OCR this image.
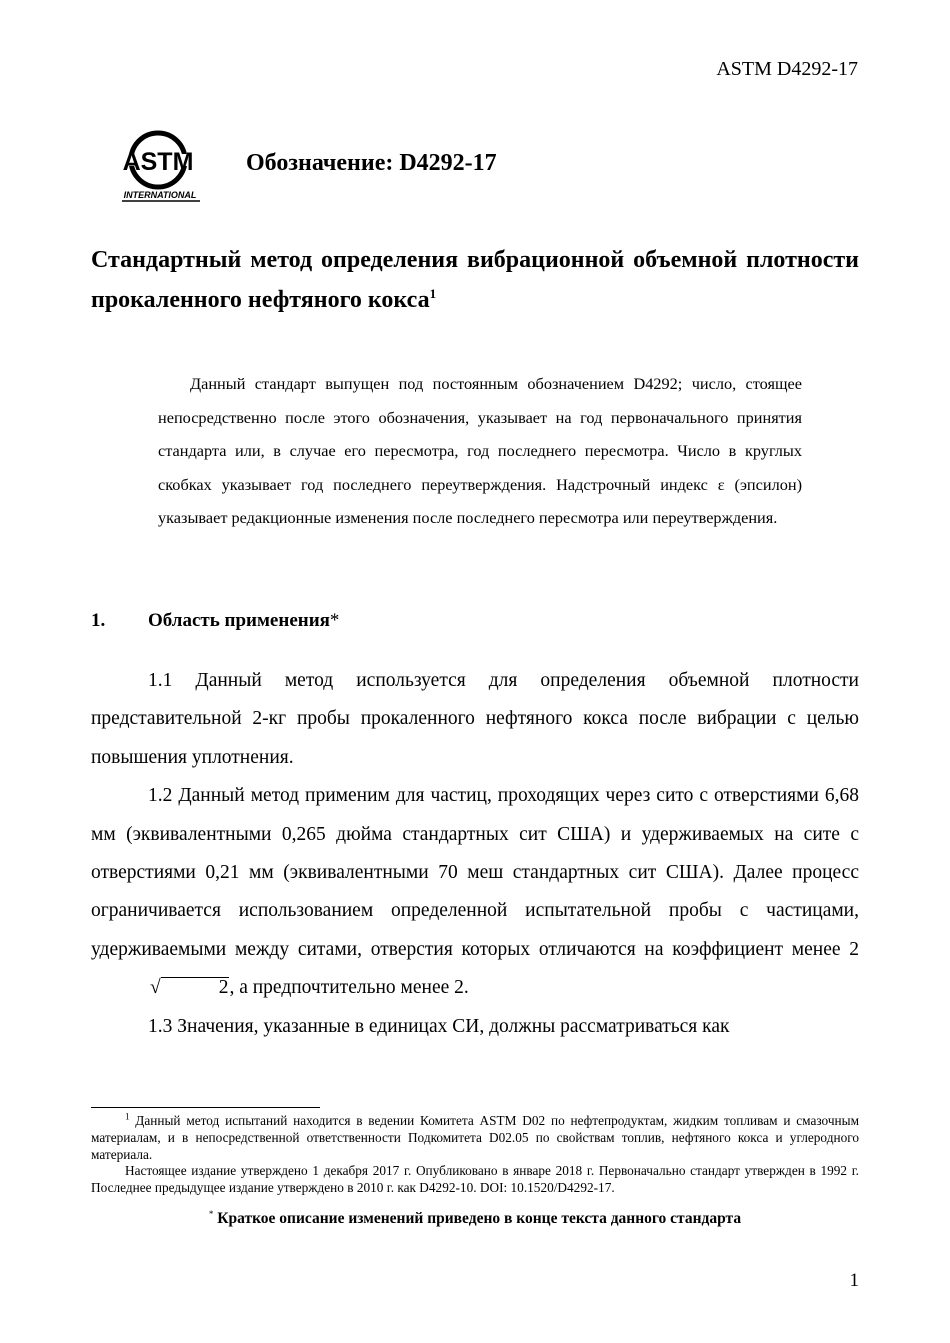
ASTM D4292-17
ASTM
INTERNATIONAL
Обозначение: D4292-17
Стандартный метод определения вибрационной объемной плотности прокаленного нефтяного кокса$^1$
Данный стандарт выпущен под постоянным обозначением D4292; число, стоящее непосредственно после этого обозначения, указывает на год первоначального принятия стандарта или, в случае его пересмотра, год последнего пересмотра. Число в круглых скобках указывает год последнего переутверждения. Надстрочный индекс ε (эпсилон) указывает редакционные изменения после последнего пересмотра или переутверждения.
1. Область применения*

1.1 Данный метод используется для определения объемной плотности представительной 2-кг пробы прокаленного нефтяного кокса после вибрации с целью повышения уплотнения.

1.2 Данный метод применим для частиц, проходящих через сито с отверстиями 6,68 мм (эквивалентными 0,265 дюйма стандартных сит США) и удерживаемых на сите с отверстиями 0,21 мм (эквивалентными 70 меш стандартных сит США). Далее процесс ограничивается использованием определенной испытательной пробы с частицами, удерживаемыми между ситами, отверстия которых отличаются на коэффициент менее 2√	2, а предпочтительно менее 2.

1.3 Значения, указанные в единицах СИ, должны рассматриваться как

$^1$ Данный метод испытаний находится в ведении Комитета ASTM D02 по нефтепродуктам, жидким топливам и смазочным материалам, и в непосредственной ответственности Подкомитета D02.05 по свойствам топлив, нефтяного кокса и углеродного материала.

Настоящее издание утверждено 1 декабря 2017 г. Опубликовано в январе 2018 г. Первоначально стандарт утвержден в 1992 г. Последнее предыдущее издание утверждено в 2010 г. как D4292-10. DOI: 10.1520/D4292-17.

* Краткое описание изменений приведено в конце текста данного стандарта
1
